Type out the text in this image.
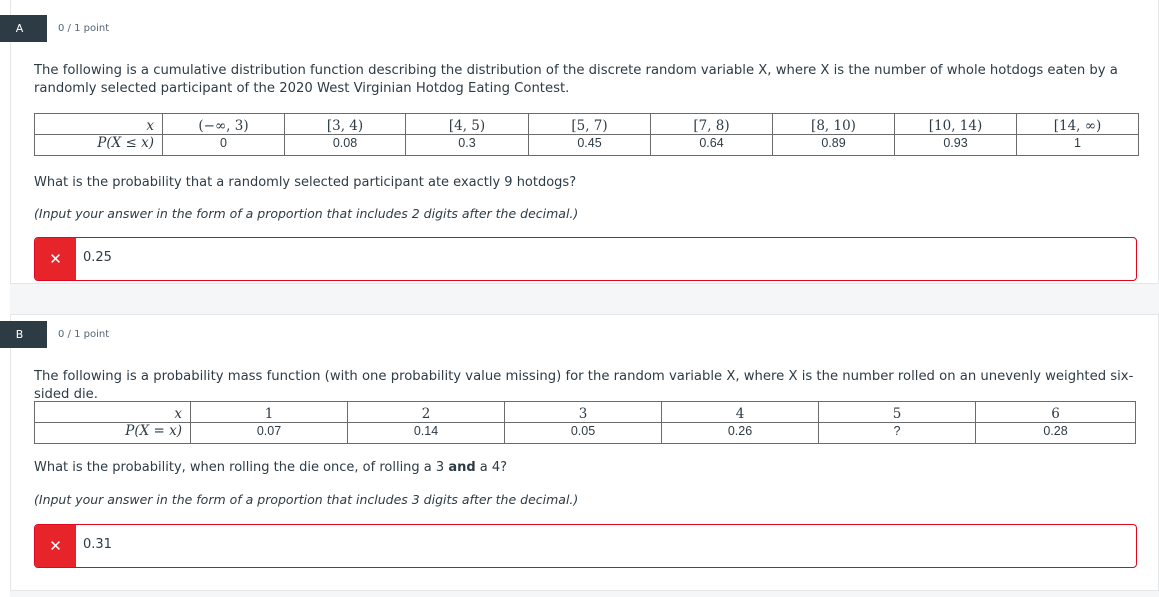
A	0 / 1 point
The following is a cumulative distribution function describing the distribution of the discrete random variable X, where X is the number of whole hotdogs eaten by a randomly selected participant of the 2020 West Virginian Hotdog Eating Contest.
x	(−∞, 3)	[3, 4)	[4, 5)	[5, 7)	[7, 8)	[8, 10)	[10, 14)	[14, ∞)
P(X ≤ x)	0	0.08	0.3	0.45	0.64	0.89	0.93	1
What is the probability that a randomly selected participant ate exactly 9 hotdogs?
(Input your answer in the form of a proportion that includes 2 digits after the decimal.)
✕	0.25
B	0 / 1 point
The following is a probability mass function (with one probability value missing) for the random variable X, where X is the number rolled on an unevenly weighted six-sided die.
x	1	2	3	4	5	6
P(X = x)	0.07	0.14	0.05	0.26	?	0.28
What is the probability, when rolling the die once, of rolling a 3 and a 4?
(Input your answer in the form of a proportion that includes 3 digits after the decimal.)
✕	0.31
